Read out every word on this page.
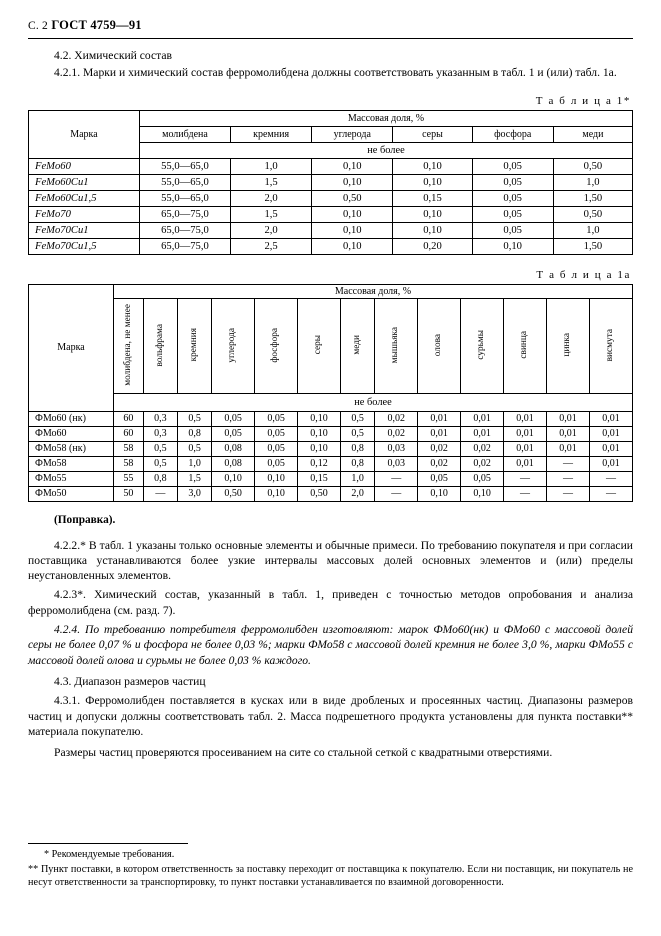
С. 2 ГОСТ 4759—91

4.2. Химический состав

4.2.1. Марки и химический состав ферромолибдена должны соответствовать указанным в табл. 1 и (или) табл. 1а.

Т а б л и ц а 1*
Марка	Массовая доля, %					
	молибдена	кремния	углерода	серы	фосфора	меди
	не более					
FeMo60	55,0—65,0	1,0	0,10	0,10	0,05	0,50
FeMo60Cu1	55,0—65,0	1,5	0,10	0,10	0,05	1,0
FeMo60Cu1,5	55,0—65,0	2,0	0,50	0,15	0,05	1,50
FeMo70	65,0—75,0	1,5	0,10	0,10	0,05	0,50
FeMo70Cu1	65,0—75,0	2,0	0,10	0,10	0,05	1,0
FeMo70Cu1,5	65,0—75,0	2,5	0,10	0,20	0,10	1,50
Т а б л и ц а 1а
Марка	Массовая доля, %												
	молибдена, не менее	вольфрама	кремния	углерода	фосфора	серы	меди	мышьяка	олова	сурьмы	свинца	цинка	висмута
	не более												
ФМо60 (нк)	60	0,3	0,5	0,05	0,05	0,10	0,5	0,02	0,01	0,01	0,01	0,01	0,01
ФМо60	60	0,3	0,8	0,05	0,05	0,10	0,5	0,02	0,01	0,01	0,01	0,01	0,01
ФМо58 (нк)	58	0,5	0,5	0,08	0,05	0,10	0,8	0,03	0,02	0,02	0,01	0,01	0,01
ФМо58	58	0,5	1,0	0,08	0,05	0,12	0,8	0,03	0,02	0,02	0,01	—	0,01
ФМо55	55	0,8	1,5	0,10	0,10	0,15	1,0	—	0,05	0,05	—	—	—
ФМо50	50	—	3,0	0,50	0,10	0,50	2,0	—	0,10	0,10	—	—	—

(Поправка).

4.2.2.* В табл. 1 указаны только основные элементы и обычные примеси. По требованию покупателя и при согласии поставщика устанавливаются более узкие интервалы массовых долей основных элементов и (или) пределы неустановленных элементов.

4.2.3*. Химический состав, указанный в табл. 1, приведен с точностью методов опробования и анализа ферромолибдена (см. разд. 7).

4.2.4. По требованию потребителя ферромолибден изготовляют: марок ФМо60(нк) и ФМо60 с массовой долей серы не более 0,07 % и фосфора не более 0,03 %; марки ФМо58 с массовой долей кремния не более 3,0 %, марки ФМо55 с массовой долей олова и сурьмы не более 0,03 % каждого.

4.3. Диапазон размеров частиц

4.3.1. Ферромолибден поставляется в кусках или в виде дробленых и просеянных частиц. Диапазоны размеров частиц и допуски должны соответствовать табл. 2. Масса подрешетного продукта установлены для пункта поставки** материала покупателю.

Размеры частиц проверяются просеиванием на сите со стальной сеткой с квадратными отверстиями.

* Рекомендуемые требования.

** Пункт поставки, в котором ответственность за поставку переходит от поставщика к покупателю. Если ни поставщик, ни покупатель не несут ответственности за транспортировку, то пункт поставки устанавливается по взаимной договоренности.
